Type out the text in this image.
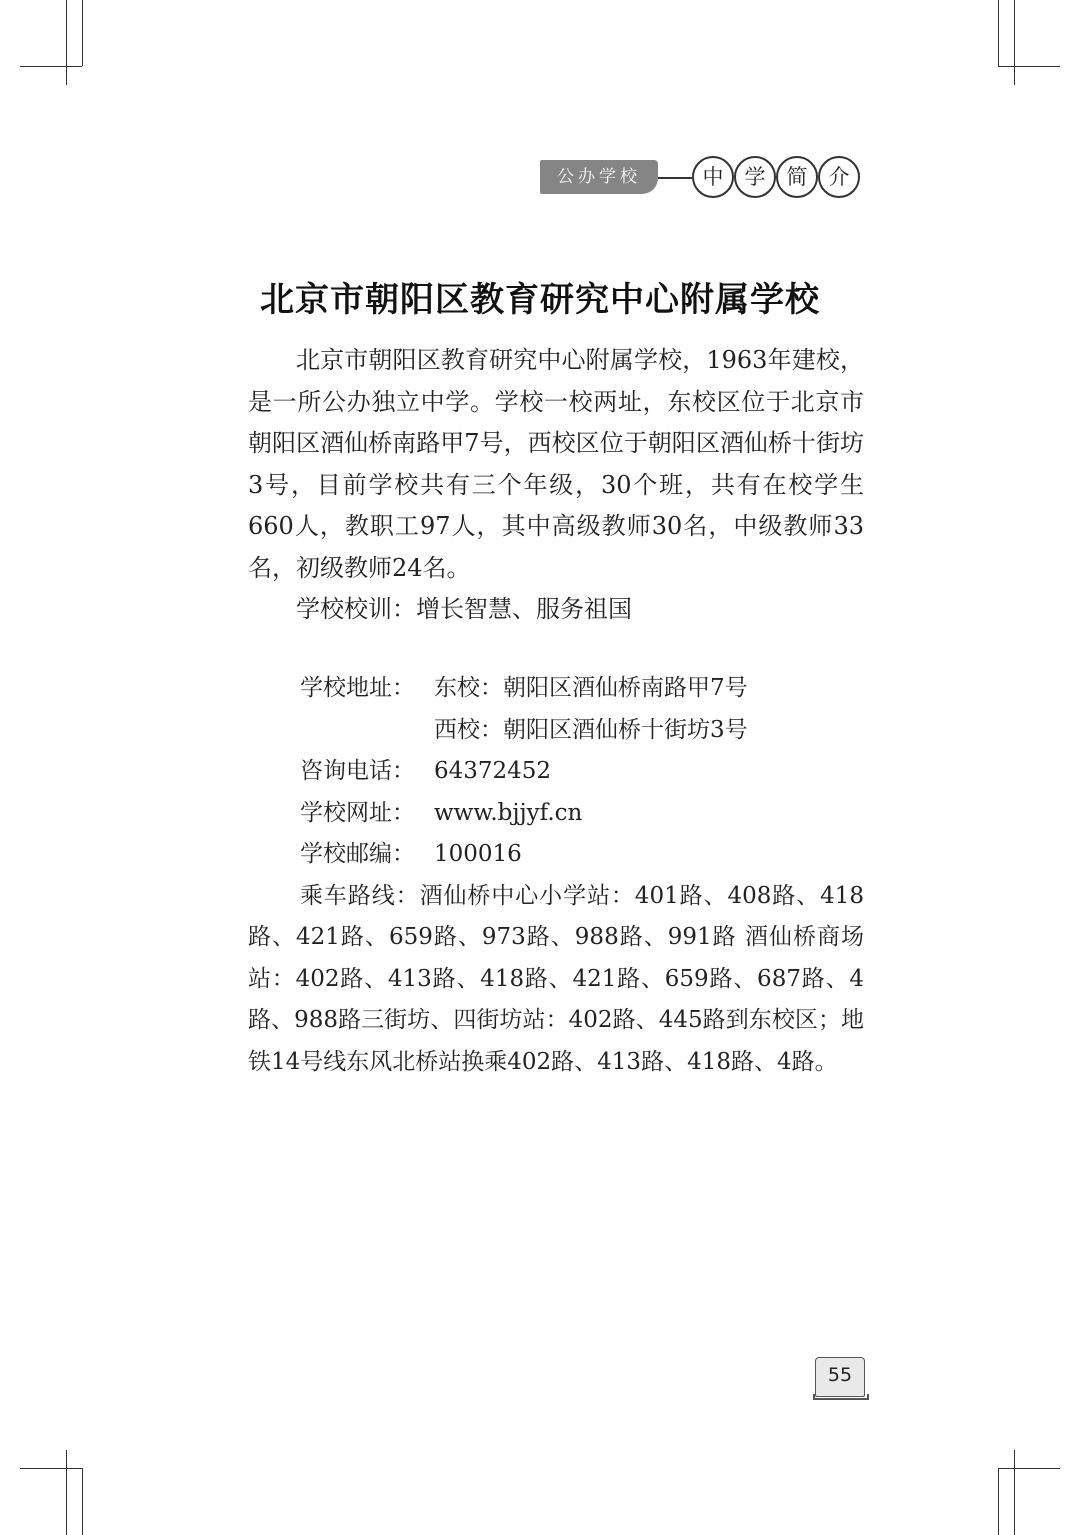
公办学校	中	学	简	介
北京市朝阳区教育研究中心附属学校

北京市朝阳区教育研究中心附属学校，1963年建校，是一所公办独立中学。学校一校两址，东校区位于北京市朝阳区酒仙桥南路甲7号，西校区位于朝阳区酒仙桥十街坊3号，目前学校共有三个年级，30个班，共有在校学生660人，教职工97人，其中高级教师30名，中级教师33名，初级教师24名。

学校校训：增长智慧、服务祖国

学校地址： 东校：朝阳区酒仙桥南路甲7号
西校：朝阳区酒仙桥十街坊3号
咨询电话： 64372452
学校网址： www.bjjyf.cn
学校邮编： 100016
乘车路线：酒仙桥中心小学站：401路、408路、418路、421路、659路、973路、988路、991路 酒仙桥商场站：402路、413路、418路、421路、659路、687路、4路、988路三街坊、四街坊站：402路、445路到东校区；地铁14号线东风北桥站换乘402路、413路、418路、4路。
55
